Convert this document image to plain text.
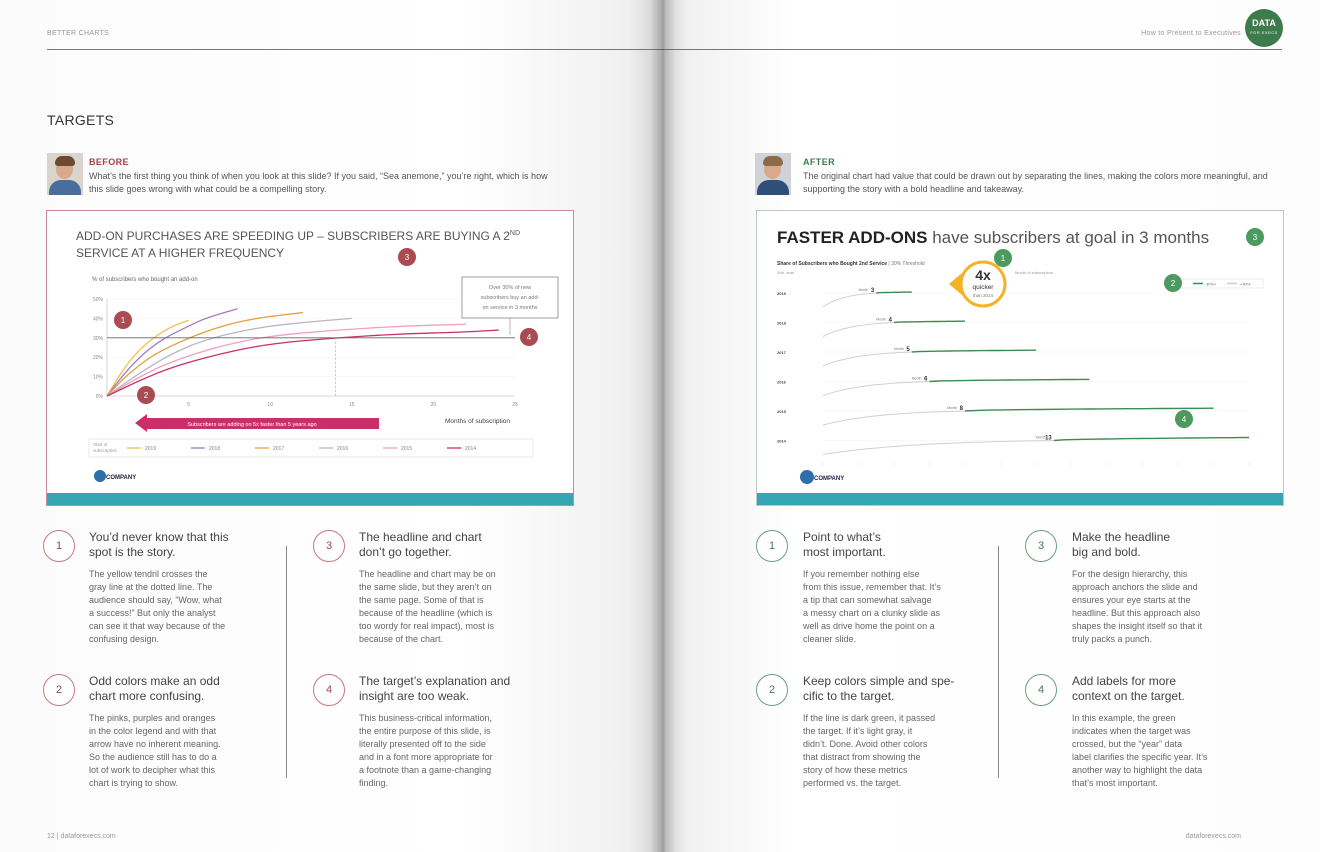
BETTER CHARTS
TARGETS
BEFORE
What’s the first thing you think of when you look at this slide? If you said, “Sea anemone,” you’re right, which is how this slide goes wrong with what could be a compelling story.
ADD-ON PURCHASES ARE SPEEDING UP – SUBSCRIBERS ARE BUYING A 2ND
SERVICE AT A HIGHER FREQUENCY
% of subscribers who bought an add-on
0%
10%
20%
30%
40%
50%
5	10	15	20	25
Over 30% of new
subscribers buy an add-
on service in 3 months
Subscribers are adding on 5x faster than 5 years ago	Months of subscription
Start of
subscription	2019	2018	2017	2016	2015	2014
COMPANY
1
2
3
4
1
You’d never know that this
spot is the story.
The yellow tendril crosses the
gray line at the dotted line. The
audience should say, “Wow, what
a success!” But only the analyst
can see it that way because of the
confusing design.
2
Odd colors make an odd
chart more confusing.
The pinks, purples and oranges
in the color legend and with that
arrow have no inherent meaning.
So the audience still has to do a
lot of work to decipher what this
chart is trying to show.
3
The headline and chart
don’t go together.
The headline and chart may be on
the same slide, but they aren’t on
the same page. Some of that is
because of the headline (which is
too wordy for real impact), most is
because of the chart.
4
The target’s explanation and
insight are too weak.
This business-critical information,
the entire purpose of this slide, is
literally presented off to the side
and in a font more appropriate for
a footnote than a game-changing
finding.
12 | dataforexecs.com
How to Present to Executives
DATA
FOR EXECS
AFTER
The original chart had value that could be drawn out by separating the lines, making the colors more meaningful, and supporting the story with a bold headline and takeaway.
FASTER ADD-ONS have subscribers at goal in 3 months
Share of Subscribers who Bought 2nd Service | 30% Threshold
Sub. start	Month of subscription
2019
Month 3
2018
Month 4
2017
Month 5
2016
Month 6
2015
Month 8
2014
Month 13
30%+	<30%
4x
quicker
than 2014
COMPANY
1
2
3
4
1
Point to what’s
most important.
If you remember nothing else
from this issue, remember that. It’s
a tip that can somewhat salvage
a messy chart on a clunky slide as
well as drive home the point on a
cleaner slide.
2
Keep colors simple and spe-
cific to the target.
If the line is dark green, it passed
the target. If it’s light gray, it
didn’t. Done. Avoid other colors
that distract from showing the
story of how these metrics
performed vs. the target.
3
Make the headline
big and bold.
For the design hierarchy, this
approach anchors the slide and
ensures your eye starts at the
headline. But this approach also
shapes the insight itself so that it
truly packs a punch.
4
Add labels for more
context on the target.
In this example, the green
indicates when the target was
crossed, but the “year” data
label clarifies the specific year. It’s
another way to highlight the data
that’s most important.
dataforexecs.com
